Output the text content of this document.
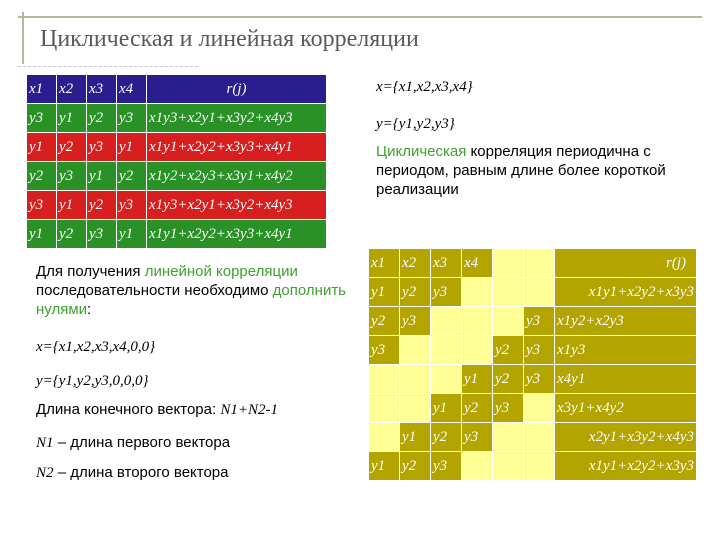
Циклическая и линейная корреляции
x1	x2	x3	x4	r(j)
y3	y1	y2	y3	x1y3+x2y1+x3y2+x4y3
y1	y2	y3	y1	x1y1+x2y2+x3y3+x4y1
y2	y3	y1	y2	x1y2+x2y3+x3y1+x4y2
y3	y1	y2	y3	x1y3+x2y1+x3y2+x4y3
y1	y2	y3	y1	x1y1+x2y2+x3y3+x4y1
x={x1,x2,x3,x4}
y={y1,y2,y3}
Циклическая корреляция периодична с периодом, равным длине более короткой реализации
Для получения линейной корреляции последовательности необходимо дополнить нулями:
x={x1,x2,x3,x4,0,0}
y={y1,y2,y3,0,0,0}
Длина конечного вектора: N1+N2-1
N1 – длина первого вектора
N2 – длина второго вектора
x1	x2	x3	x4			r(j)
y1	y2	y3				x1y1+x2y2+x3y3
y2	y3				y3	x1y2+x2y3
y3				y2	y3	x1y3
			y1	y2	y3	x4y1
		y1	y2	y3		x3y1+x4y2
	y1	y2	y3			x2y1+x3y2+x4y3
y1	y2	y3				x1y1+x2y2+x3y3
